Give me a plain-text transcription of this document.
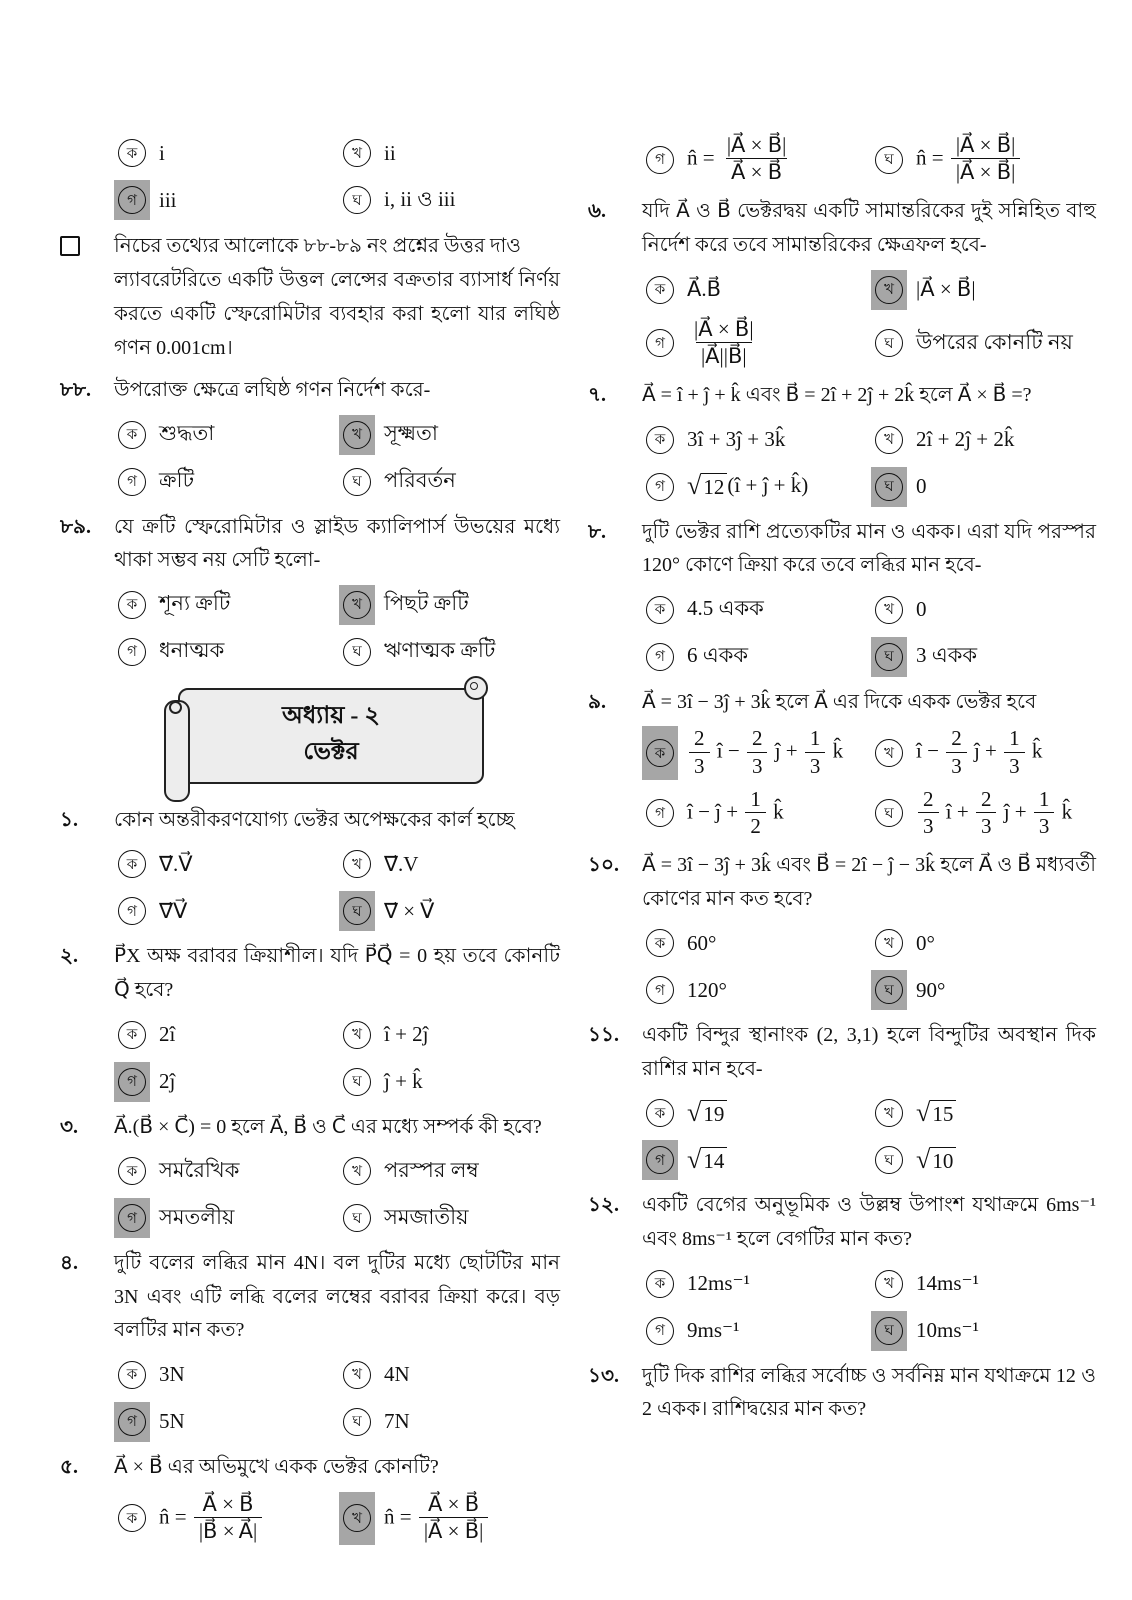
ক	i	খ	ii
গ	iii	ঘ	i, ii ও iii
নিচের তথ্যের আলোকে ৮৮-৮৯ নং প্রশ্নের উত্তর দাও
ল্যাবরেটরিতে একটি উত্তল লেন্সের বক্রতার ব্যাসার্ধ নির্ণয় করতে একটি স্ফেরোমিটার ব্যবহার করা হলো যার লঘিষ্ঠ গণন 0.001cm।
৮৮.	উপরোক্ত ক্ষেত্রে লঘিষ্ঠ গণন নির্দেশ করে-
ক	শুদ্ধতা	খ	সূক্ষ্মতা
গ	ক্রটি	ঘ	পরিবর্তন
৮৯.	যে ক্রটি স্ফেরোমিটার ও স্লাইড ক্যালিপার্স উভয়ের মধ্যে থাকা সম্ভব নয় সেটি হলো-
ক	শূন্য ক্রটি	খ	পিছট ক্রটি
গ	ধনাত্মক	ঘ	ঋণাত্মক ক্রটি
অধ্যায় - ২
ভেক্টর
১.	কোন অন্তরীকরণযোগ্য ভেক্টর অপেক্ষকের কার্ল হচ্ছে
ক	∇⃗.V⃗	খ	∇⃗.V
গ	∇⃗V⃗	ঘ	∇⃗ × V⃗
২.	P⃗X অক্ষ বরাবর ক্রিয়াশীল। যদি P⃗Q⃗ = 0 হয় তবে কোনটি Q⃗ হবে?
ক	2î	খ	î + 2ĵ
গ	2ĵ	ঘ	ĵ + k̂
৩.	A⃗.(B⃗ × C⃗) = 0 হলে A⃗, B⃗ ও C⃗ এর মধ্যে সম্পর্ক কী হবে?
ক	সমরৈখিক	খ	পরস্পর লম্ব
গ	সমতলীয়	ঘ	সমজাতীয়
৪.	দুটি বলের লব্ধির মান 4N। বল দুটির মধ্যে ছোটটির মান 3N এবং এটি লব্ধি বলের লম্বের বরাবর ক্রিয়া করে। বড় বলটির মান কত?
ক	3N	খ	4N
গ	5N	ঘ	7N
৫.	A⃗ × B⃗ এর অভিমুখে একক ভেক্টর কোনটি?
ক	n̂ = $\frac{A⃗ \times B⃗}{|B⃗ \times A⃗|}$	খ	n̂ = $\frac{A⃗ \times B⃗}{|A⃗ \times B⃗|}$
গ	n̂ = $\frac{|A⃗ \times B⃗|}{A⃗ \times B⃗}$	ঘ	n̂ = $\frac{|A⃗ \times B⃗|}{|A⃗ \times B⃗|}$
৬.	যদি A⃗ ও B⃗ ভেক্টরদ্বয় একটি সামান্তরিকের দুই সন্নিহিত বাহু নির্দেশ করে তবে সামান্তরিকের ক্ষেত্রফল হবে-
ক	A⃗.B⃗	খ	|A⃗ × B⃗|
গ	$\frac{|A⃗ \times B⃗|}{|A⃗||B⃗|}$	ঘ	উপরের কোনটি নয়
৭.	A⃗ = î + ĵ + k̂ এবং B⃗ = 2î + 2ĵ + 2k̂ হলে A⃗ × B⃗ =?
ক	3î + 3ĵ + 3k̂	খ	2î + 2ĵ + 2k̂
গ	√ 12 (î + ĵ + k̂)	ঘ	0
৮.	দুটি ভেক্টর রাশি প্রত্যেকটির মান ও একক। এরা যদি পরস্পর 120° কোণে ক্রিয়া করে তবে লব্ধির মান হবে-
ক	4.5 একক	খ	0
গ	6 একক	ঘ	3 একক
৯.	A⃗ = 3î − 3ĵ + 3k̂ হলে A⃗ এর দিকে একক ভেক্টর হবে
ক	$\frac{2}{3}$ î − $\frac{2}{3}$ ĵ + $\frac{1}{3}$ k̂	খ	î − $\frac{2}{3}$ ĵ + $\frac{1}{3}$ k̂
গ	î − ĵ + $\frac{1}{2}$ k̂	ঘ	$\frac{2}{3}$ î + $\frac{2}{3}$ ĵ + $\frac{1}{3}$ k̂
১০.	A⃗ = 3î − 3ĵ + 3k̂ এবং B⃗ = 2î − ĵ − 3k̂ হলে A⃗ ও B⃗ মধ্যবর্তী কোণের মান কত হবে?
ক	60°	খ	0°
গ	120°	ঘ	90°
১১.	একটি বিন্দুর স্থানাংক (2, 3,1) হলে বিন্দুটির অবস্থান দিক রাশির মান হবে-
ক	√ 19	খ	√ 15
গ	√ 14	ঘ	√ 10
১২.	একটি বেগের অনুভূমিক ও উল্লম্ব উপাংশ যথাক্রমে 6ms⁻¹ এবং 8ms⁻¹ হলে বেগটির মান কত?
ক	12ms⁻¹	খ	14ms⁻¹
গ	9ms⁻¹	ঘ	10ms⁻¹
১৩.	দুটি দিক রাশির লব্ধির সর্বোচ্চ ও সর্বনিম্ন মান যথাক্রমে 12 ও 2 একক। রাশিদ্বয়ের মান কত?
